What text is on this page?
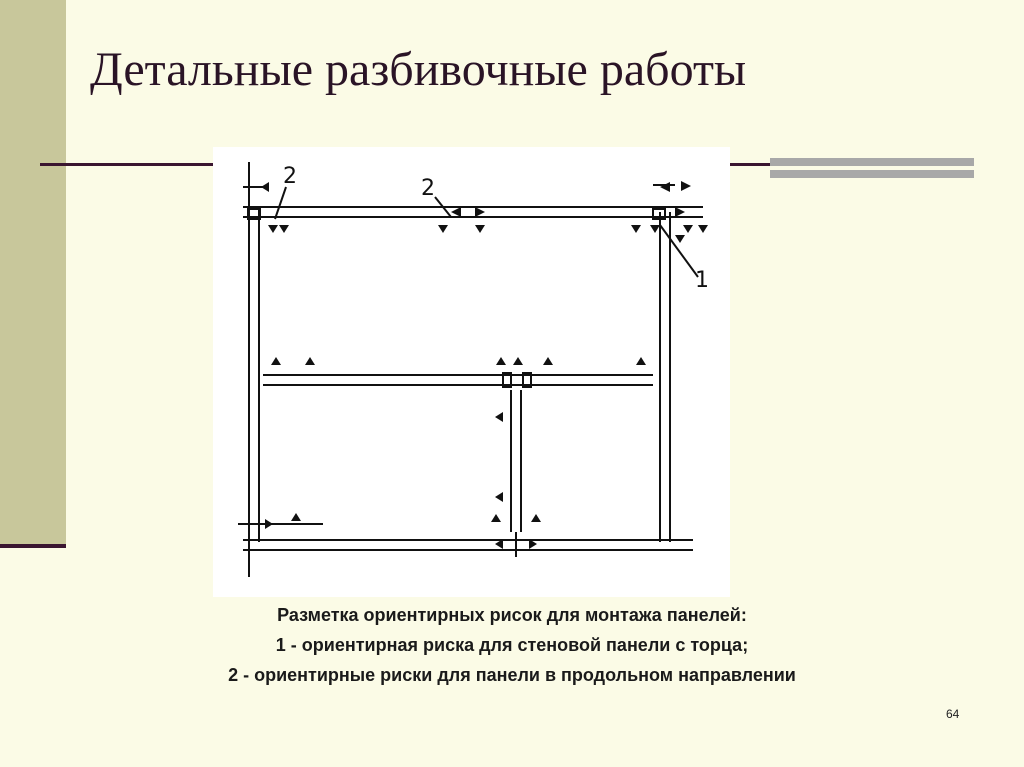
Детальные разбивочные работы
2	2
1
Разметка ориентирных рисок для монтажа панелей:
1 - ориентирная риска для стеновой панели с торца;
2 - ориентирные риски для панели в продольном направлении
64
